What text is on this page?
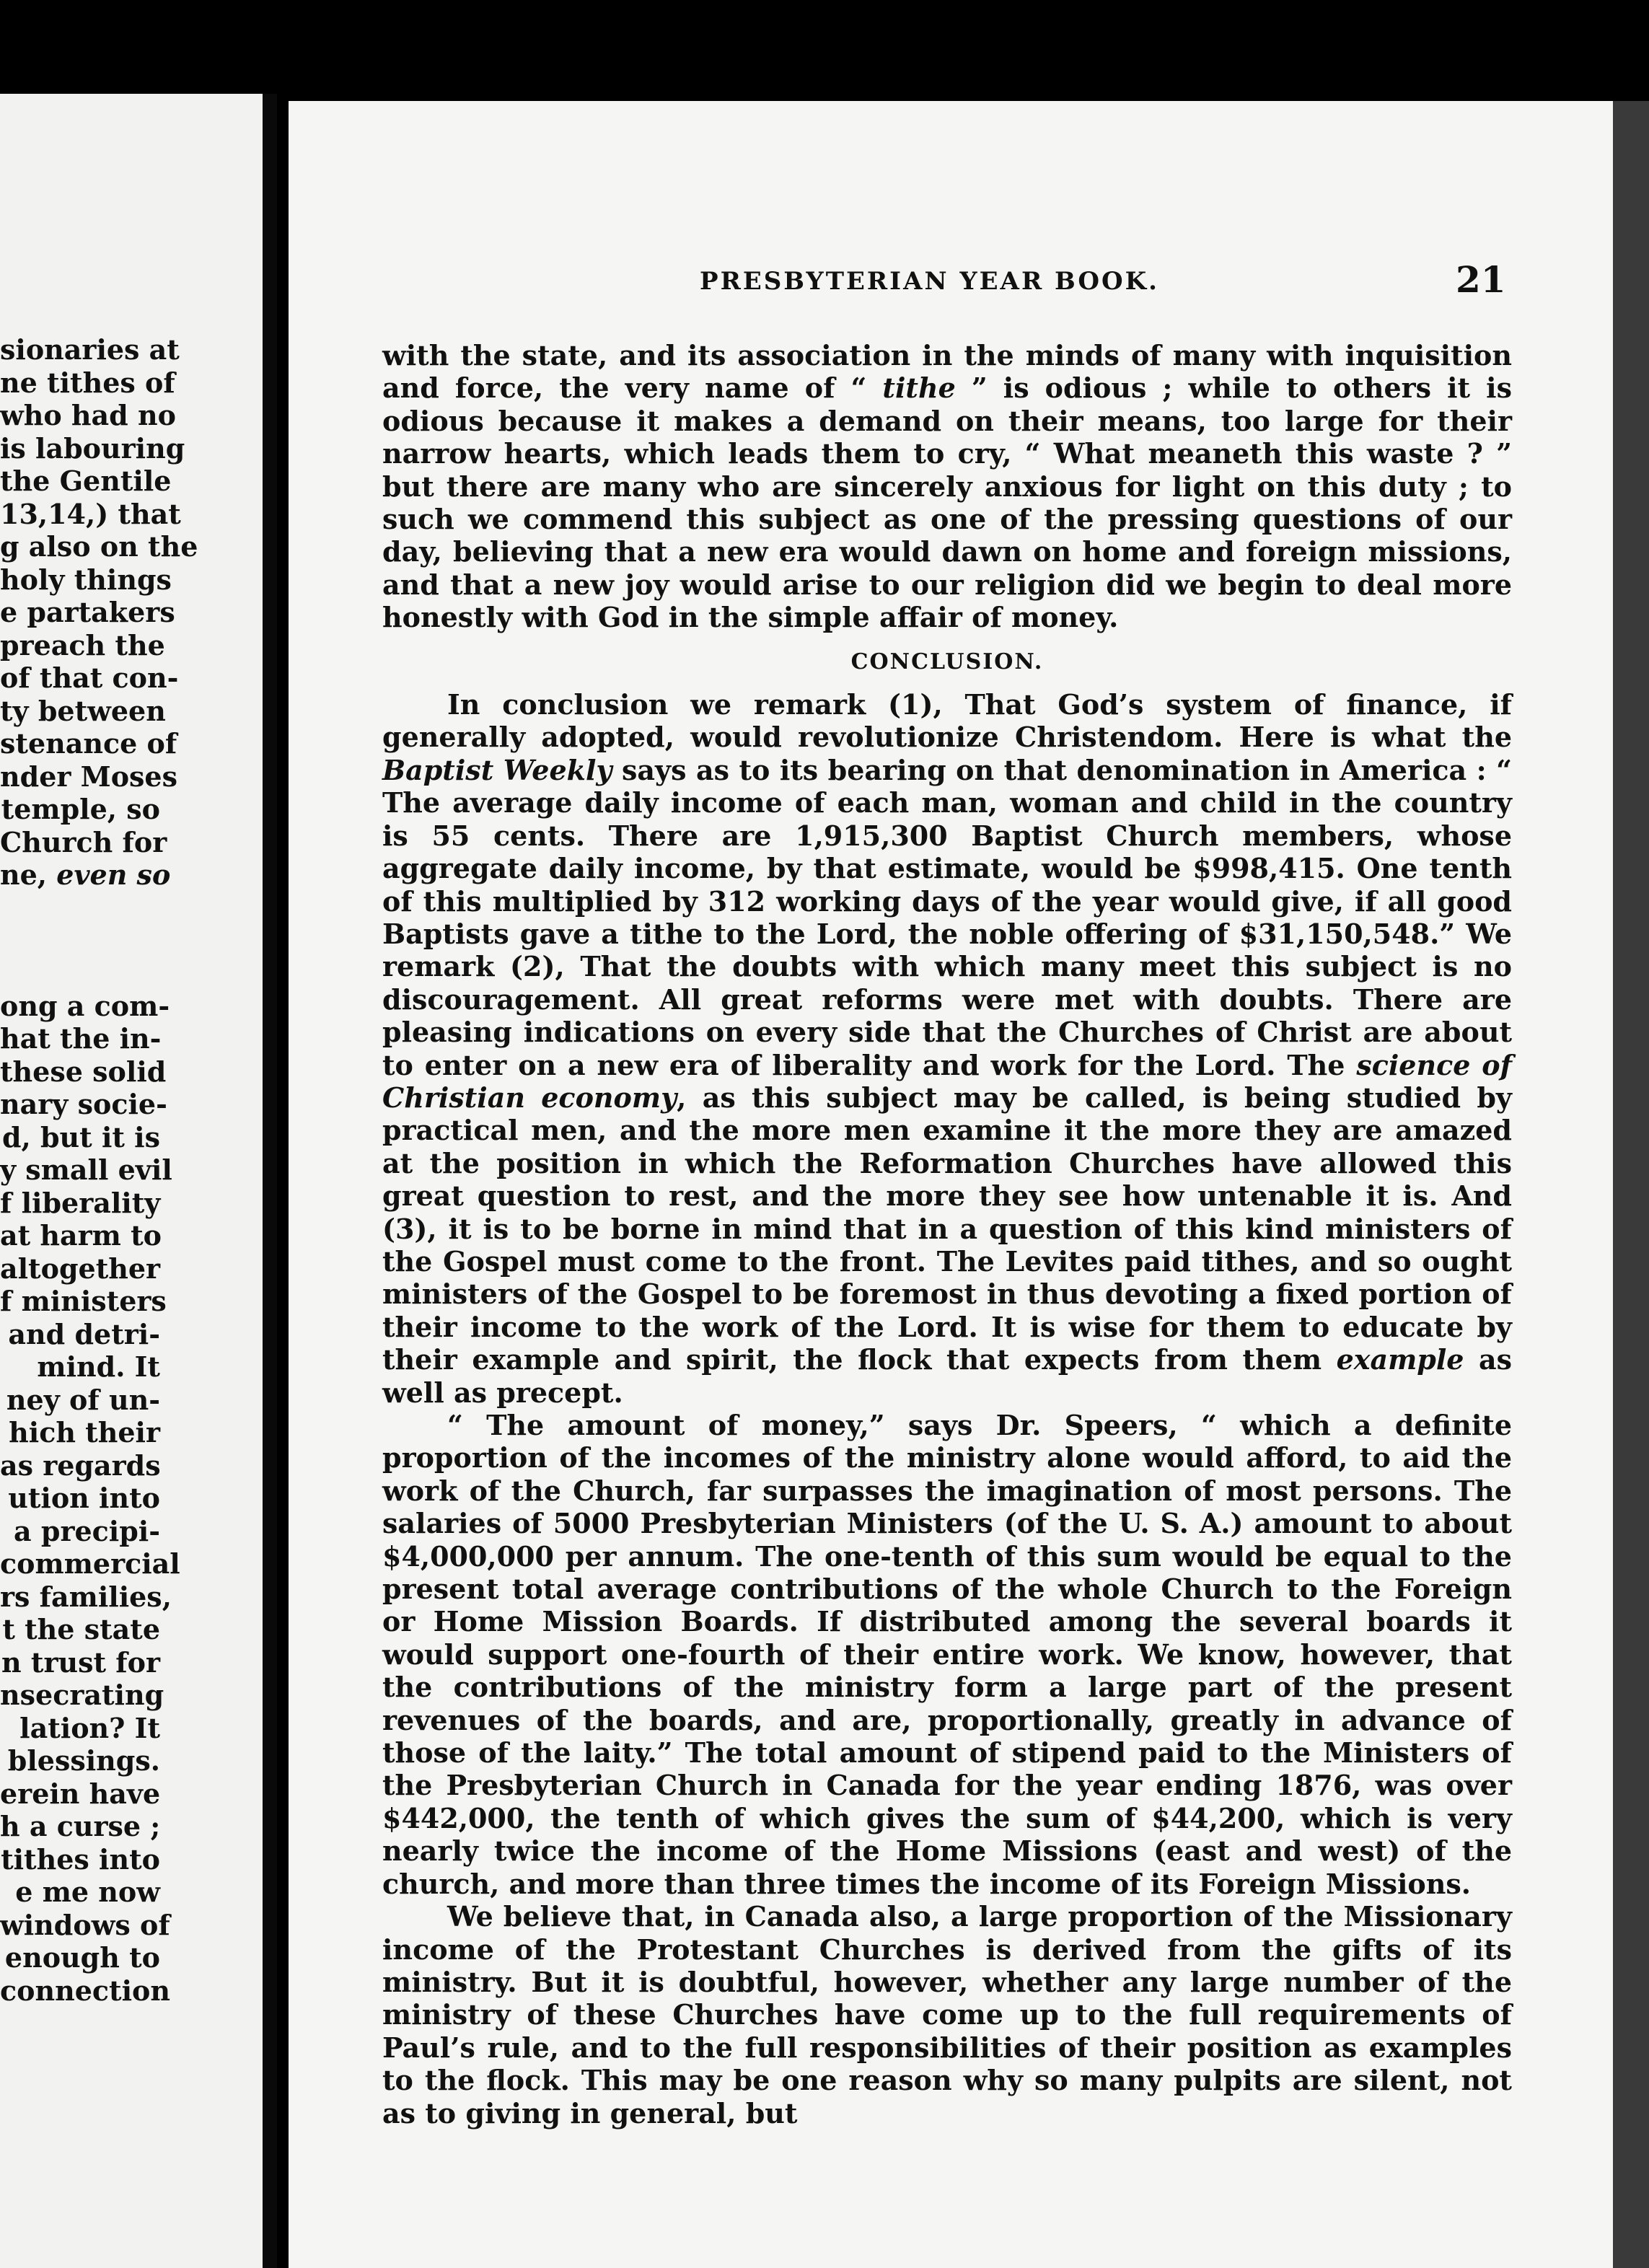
sionaries at
ne tithes of
who had no
is labouring
the Gentile
13,14,) that
g also on the
holy things
e partakers
preach the
of that con-
ty between
stenance of
nder Moses
temple, so
Church for
ne, even so
ong a com-
hat the in-
these solid
nary socie-
d, but it is
y small evil
f liberality
at harm to
altogether
f ministers
and detri-
mind. It
ney of un-
hich their
as regards
ution into
a precipi-
commercial
rs families,
t the state
n trust for
nsecrating
lation? It
blessings.
erein have
h a curse ;
tithes into
e me now
windows of
enough to
connection
PRESBYTERIAN YEAR BOOK.	21

with the state, and its association in the minds of many with inquisition and force, the very name of “ tithe ” is odious ; while to others it is odious because it makes a demand on their means, too large for their narrow hearts, which leads them to cry, “ What meaneth this waste ? ” but there are many who are sincerely anxious for light on this duty ; to such we commend this subject as one of the pressing questions of our day, believing that a new era would dawn on home and foreign missions, and that a new joy would arise to our religion did we begin to deal more honestly with God in the simple affair of money.

CONCLUSION.

In conclusion we remark (1), That God’s system of finance, if generally adopted, would revolutionize Christendom. Here is what the Baptist Weekly says as to its bearing on that denomination in America : “ The average daily income of each man, woman and child in the country is 55 cents. There are 1,915,300 Baptist Church members, whose aggregate daily income, by that estimate, would be $998,415. One tenth of this multiplied by 312 working days of the year would give, if all good Baptists gave a tithe to the Lord, the noble offering of $31,150,548.” We remark (2), That the doubts with which many meet this subject is no discouragement. All great reforms were met with doubts. There are pleasing indications on every side that the Churches of Christ are about to enter on a new era of liberality and work for the Lord. The science of Christian economy, as this subject may be called, is being studied by practical men, and the more men examine it the more they are amazed at the position in which the Reformation Churches have allowed this great question to rest, and the more they see how untenable it is. And (3), it is to be borne in mind that in a question of this kind ministers of the Gospel must come to the front. The Levites paid tithes, and so ought ministers of the Gospel to be foremost in thus devoting a fixed portion of their income to the work of the Lord. It is wise for them to educate by their example and spirit, the flock that expects from them example as well as precept.

“ The amount of money,” says Dr. Speers, “ which a definite proportion of the incomes of the ministry alone would afford, to aid the work of the Church, far surpasses the imagination of most persons. The salaries of 5000 Presbyterian Ministers (of the U. S. A.) amount to about $4,000,000 per annum. The one-tenth of this sum would be equal to the present total average contributions of the whole Church to the Foreign or Home Mission Boards. If distributed among the several boards it would support one-fourth of their entire work. We know, however, that the contributions of the ministry form a large part of the present revenues of the boards, and are, proportionally, greatly in advance of those of the laity.” The total amount of stipend paid to the Ministers of the Presbyterian Church in Canada for the year ending 1876, was over $442,000, the tenth of which gives the sum of $44,200, which is very nearly twice the income of the Home Missions (east and west) of the church, and more than three times the income of its Foreign Missions.

We believe that, in Canada also, a large proportion of the Missionary income of the Protestant Churches is derived from the gifts of its ministry. But it is doubtful, however, whether any large number of the ministry of these Churches have come up to the full requirements of Paul’s rule, and to the full responsibilities of their position as examples to the flock. This may be one reason why so many pulpits are silent, not as to giving in general, but
